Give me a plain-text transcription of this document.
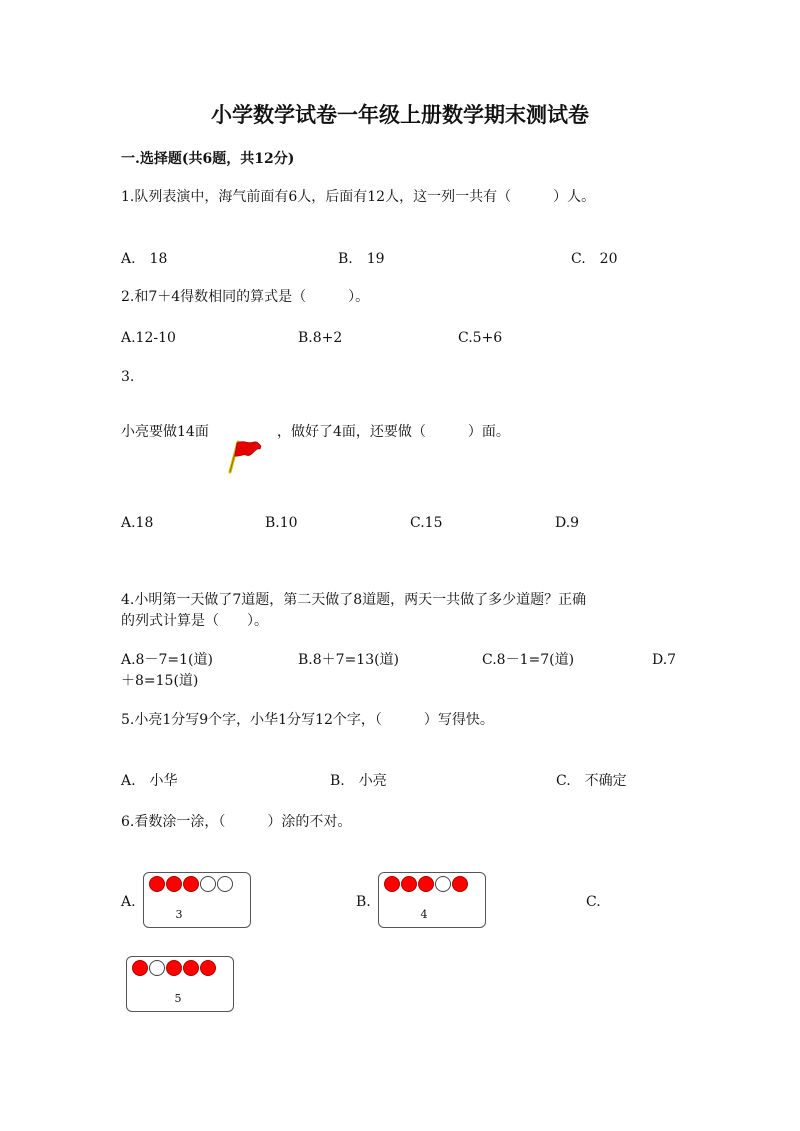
小学数学试卷一年级上册数学期末测试卷
一.选择题(共6题，共12分)
1.队列表演中，海气前面有6人，后面有12人，这一列一共有（　　　）人。
A.　18	B.　19	C.　20
2.和7＋4得数相同的算式是（　　　）。
A.12-10	B.8+2	C.5+6
3.
小亮要做14面	，做好了4面，还要做（　　　）面。
A.18	B.10	C.15	D.9
4.小明第一天做了7道题，第二天做了8道题，两天一共做了多少道题？正确
的列式计算是（　　）。
A.8－7=1(道)	B.8＋7=13(道)	C.8－1=7(道)	D.7
＋8=15(道)
5.小亮1分写9个字，小华1分写12个字，（　　　）写得快。
A.　小华	B.　小亮	C.　不确定
6.看数涂一涂，（　　　）涂的不对。
A.
3
B.
4
C.
5
